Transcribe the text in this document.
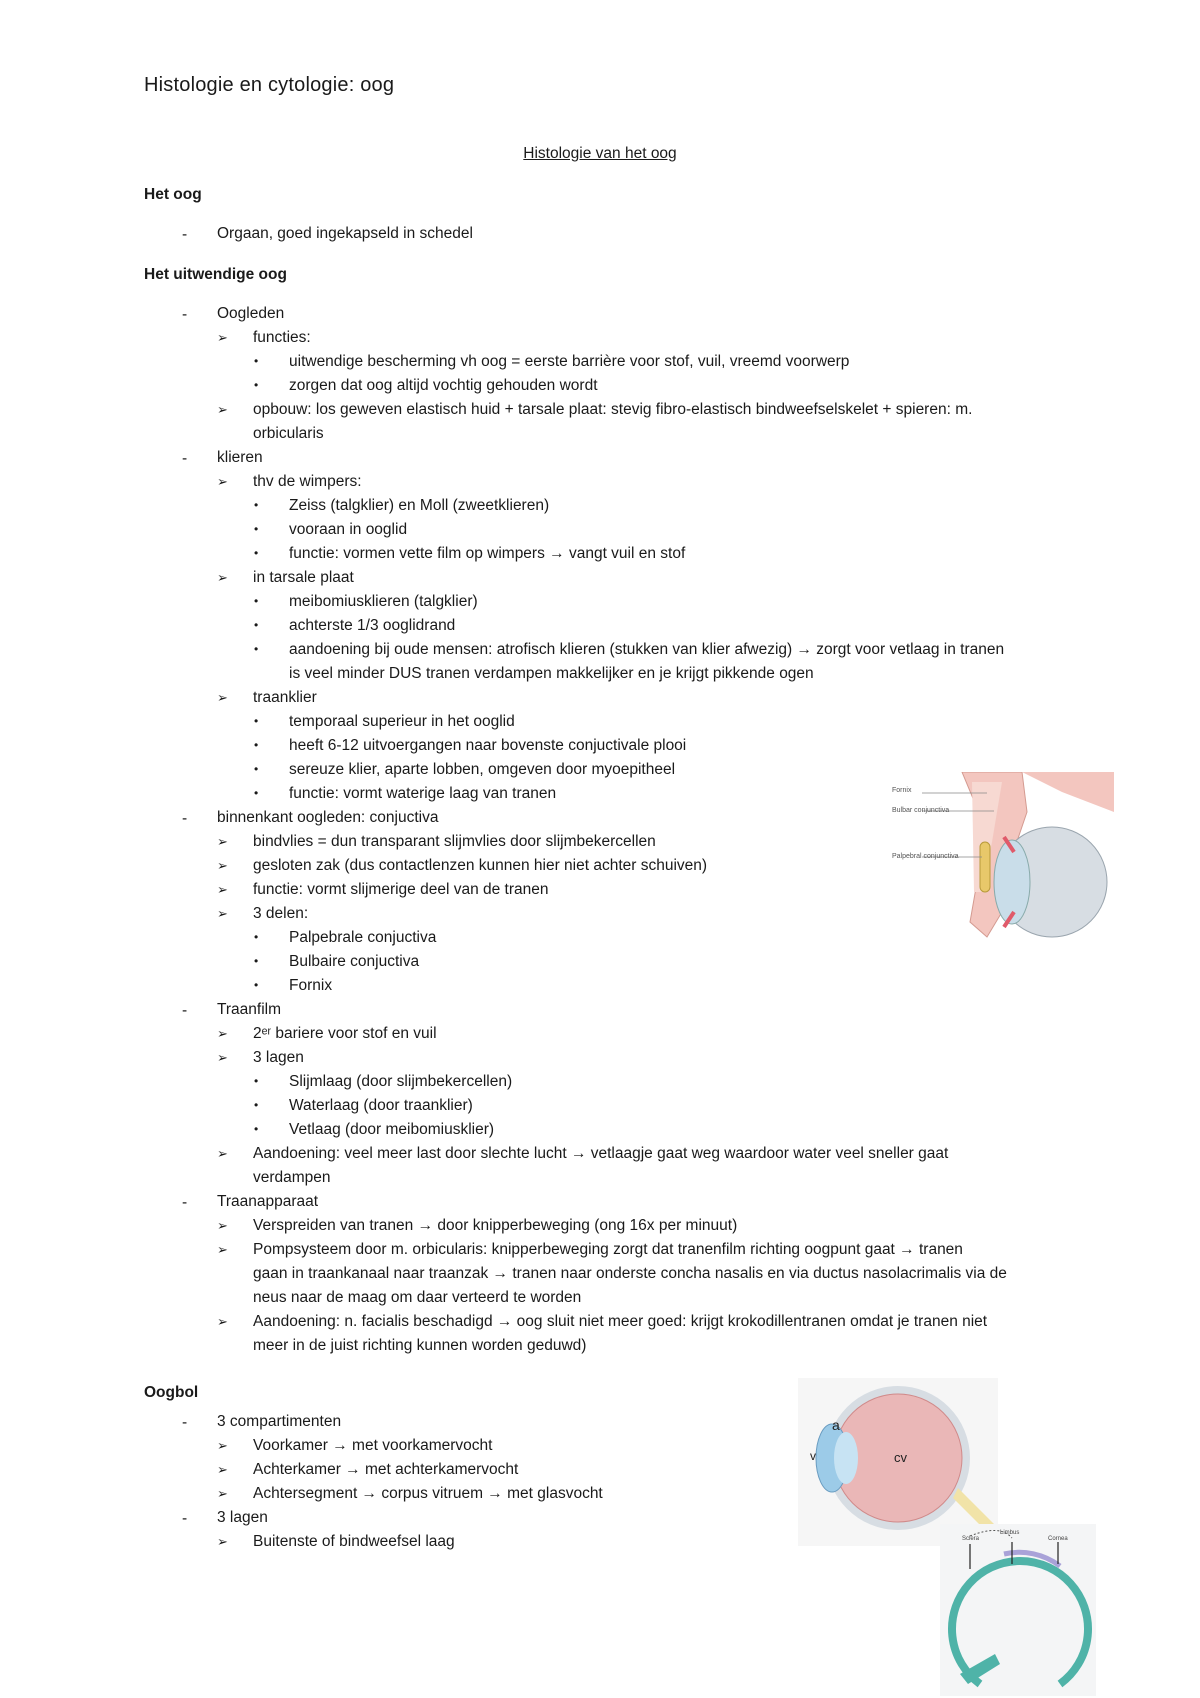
Histologie en cytologie: oog
Histologie van het oog
Het oog
- Orgaan, goed ingekapseld in schedel
Het uitwendige oog
- Oogleden
➢ functies:
• uitwendige bescherming vh oog = eerste barrière voor stof, vuil, vreemd voorwerp
• zorgen dat oog altijd vochtig gehouden wordt
➢ opbouw: los geweven elastisch huid + tarsale plaat: stevig fibro-elastisch bindweefselskelet + spieren: m.
orbicularis
- klieren
➢ thv de wimpers:
• Zeiss (talgklier) en Moll (zweetklieren)
• vooraan in ooglid
• functie: vormen vette film op wimpers → vangt vuil en stof
➢ in tarsale plaat
• meibomiusklieren (talgklier)
• achterste 1/3 ooglidrand
• aandoening bij oude mensen: atrofisch klieren (stukken van klier afwezig) → zorgt voor vetlaag in tranen
is veel minder DUS tranen verdampen makkelijker en je krijgt pikkende ogen
➢ traanklier
• temporaal superieur in het ooglid
• heeft 6-12 uitvoergangen naar bovenste conjuctivale plooi
• sereuze klier, aparte lobben, omgeven door myoepitheel
• functie: vormt waterige laag van tranen
- binnenkant oogleden: conjuctiva
➢ bindvlies = dun transparant slijmvlies door slijmbekercellen
➢ gesloten zak (dus contactlenzen kunnen hier niet achter schuiven)
➢ functie: vormt slijmerige deel van de tranen
➢ 3 delen:
• Palpebrale conjuctiva
• Bulbaire conjuctiva
• Fornix
- Traanfilm
➢ 2ᵉʳ bariere voor stof en vuil
➢ 3 lagen
• Slijmlaag (door slijmbekercellen)
• Waterlaag (door traanklier)
• Vetlaag (door meibomiusklier)
➢ Aandoening: veel meer last door slechte lucht → vetlaagje gaat weg waardoor water veel sneller gaat
verdampen
- Traanapparaat
➢ Verspreiden van tranen → door knipperbeweging (ong 16x per minuut)
➢ Pompsysteem door m. orbicularis: knipperbeweging zorgt dat tranenfilm richting oogpunt gaat → tranen
gaan in traankanaal naar traanzak → tranen naar onderste concha nasalis en via ductus nasolacrimalis via de
neus naar de maag om daar verteerd te worden
➢ Aandoening: n. facialis beschadigd → oog sluit niet meer goed: krijgt krokodillentranen omdat je tranen niet
meer in de juist richting kunnen worden geduwd)
Oogbol
- 3 compartimenten
➢ Voorkamer → met voorkamervocht
➢ Achterkamer → met achterkamervocht
➢ Achtersegment → corpus vitruem → met glasvocht
- 3 lagen
➢ Buitenste of bindweefsel laag
Fornix
Bulbar conjunctiva
Palpebral conjunctiva
a
v	cv
Sclera
Limbus
Cornea
